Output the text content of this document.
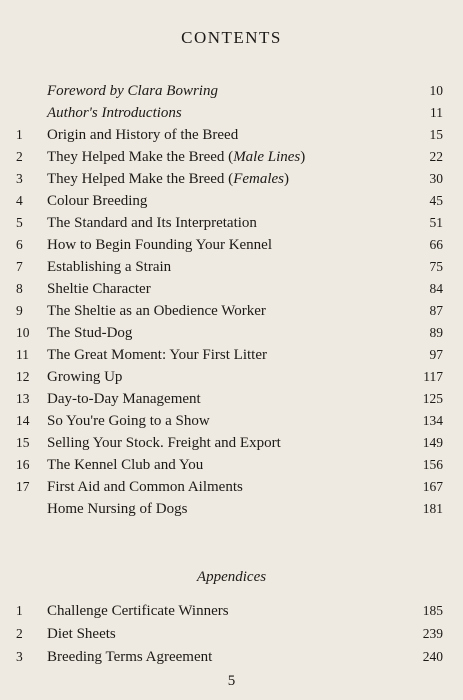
CONTENTS
Foreword by Clara Bowring	10
Author's Introductions	11
1	Origin and History of the Breed	15
2	They Helped Make the Breed (Male Lines)	22
3	They Helped Make the Breed (Females)	30
4	Colour Breeding	45
5	The Standard and Its Interpretation	51
6	How to Begin Founding Your Kennel	66
7	Establishing a Strain	75
8	Sheltie Character	84
9	The Sheltie as an Obedience Worker	87
10	The Stud-Dog	89
11	The Great Moment: Your First Litter	97
12	Growing Up	117
13	Day-to-Day Management	125
14	So You're Going to a Show	134
15	Selling Your Stock. Freight and Export	149
16	The Kennel Club and You	156
17	First Aid and Common Ailments	167
Home Nursing of Dogs	181
Appendices
1	Challenge Certificate Winners	185
2	Diet Sheets	239
3	Breeding Terms Agreement	240
5
